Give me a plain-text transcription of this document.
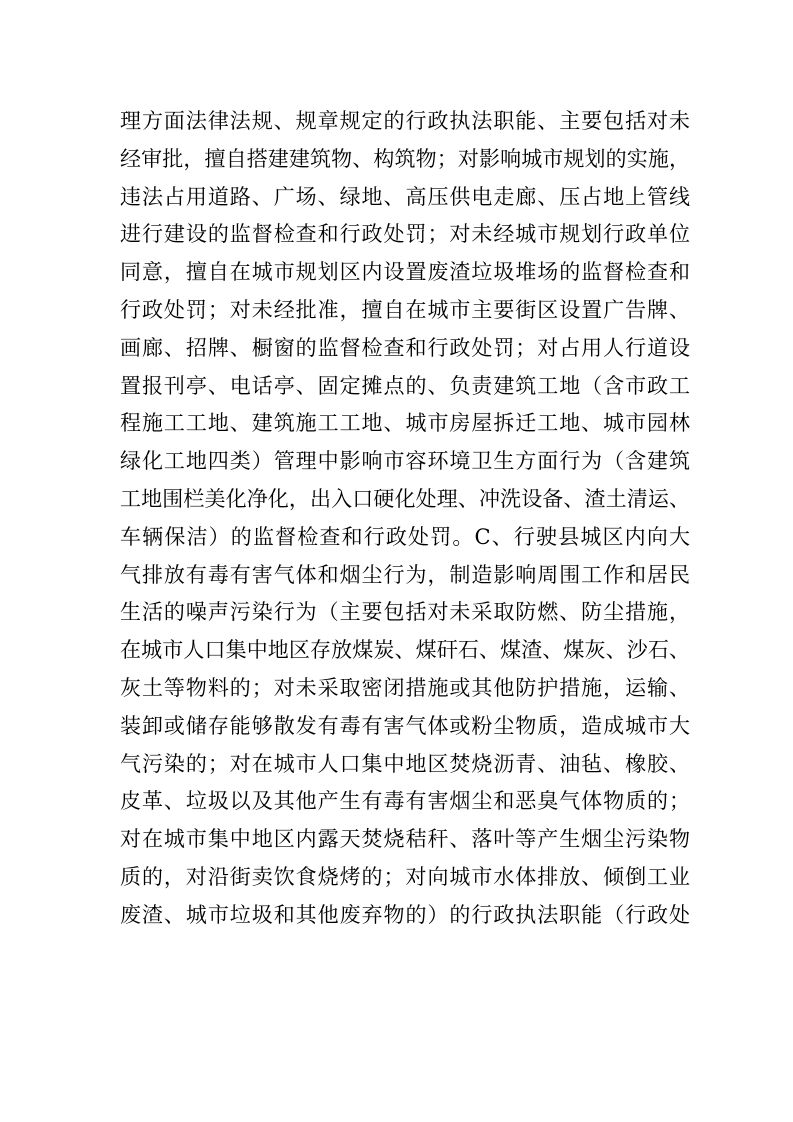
理方面法律法规、规章规定的行政执法职能、主要包括对未
经审批，擅自搭建建筑物、构筑物；对影响城市规划的实施，
违法占用道路、广场、绿地、高压供电走廊、压占地上管线
进行建设的监督检查和行政处罚；对未经城市规划行政单位
同意，擅自在城市规划区内设置废渣垃圾堆场的监督检查和
行政处罚；对未经批准，擅自在城市主要街区设置广告牌、
画廊、招牌、橱窗的监督检查和行政处罚；对占用人行道设
置报刊亭、电话亭、固定摊点的、负责建筑工地（含市政工
程施工工地、建筑施工工地、城市房屋拆迁工地、城市园林
绿化工地四类）管理中影响市容环境卫生方面行为（含建筑
工地围栏美化净化，出入口硬化处理、冲洗设备、渣土清运、
车辆保洁）的监督检查和行政处罚。C、行驶县城区内向大
气排放有毒有害气体和烟尘行为，制造影响周围工作和居民
生活的噪声污染行为（主要包括对未采取防燃、防尘措施，
在城市人口集中地区存放煤炭、煤矸石、煤渣、煤灰、沙石、
灰土等物料的；对未采取密闭措施或其他防护措施，运输、
装卸或储存能够散发有毒有害气体或粉尘物质，造成城市大
气污染的；对在城市人口集中地区焚烧沥青、油毡、橡胶、
皮革、垃圾以及其他产生有毒有害烟尘和恶臭气体物质的；
对在城市集中地区内露天焚烧秸秆、落叶等产生烟尘污染物
质的，对沿街卖饮食烧烤的；对向城市水体排放、倾倒工业
废渣、城市垃圾和其他废弃物的）的行政执法职能（行政处
